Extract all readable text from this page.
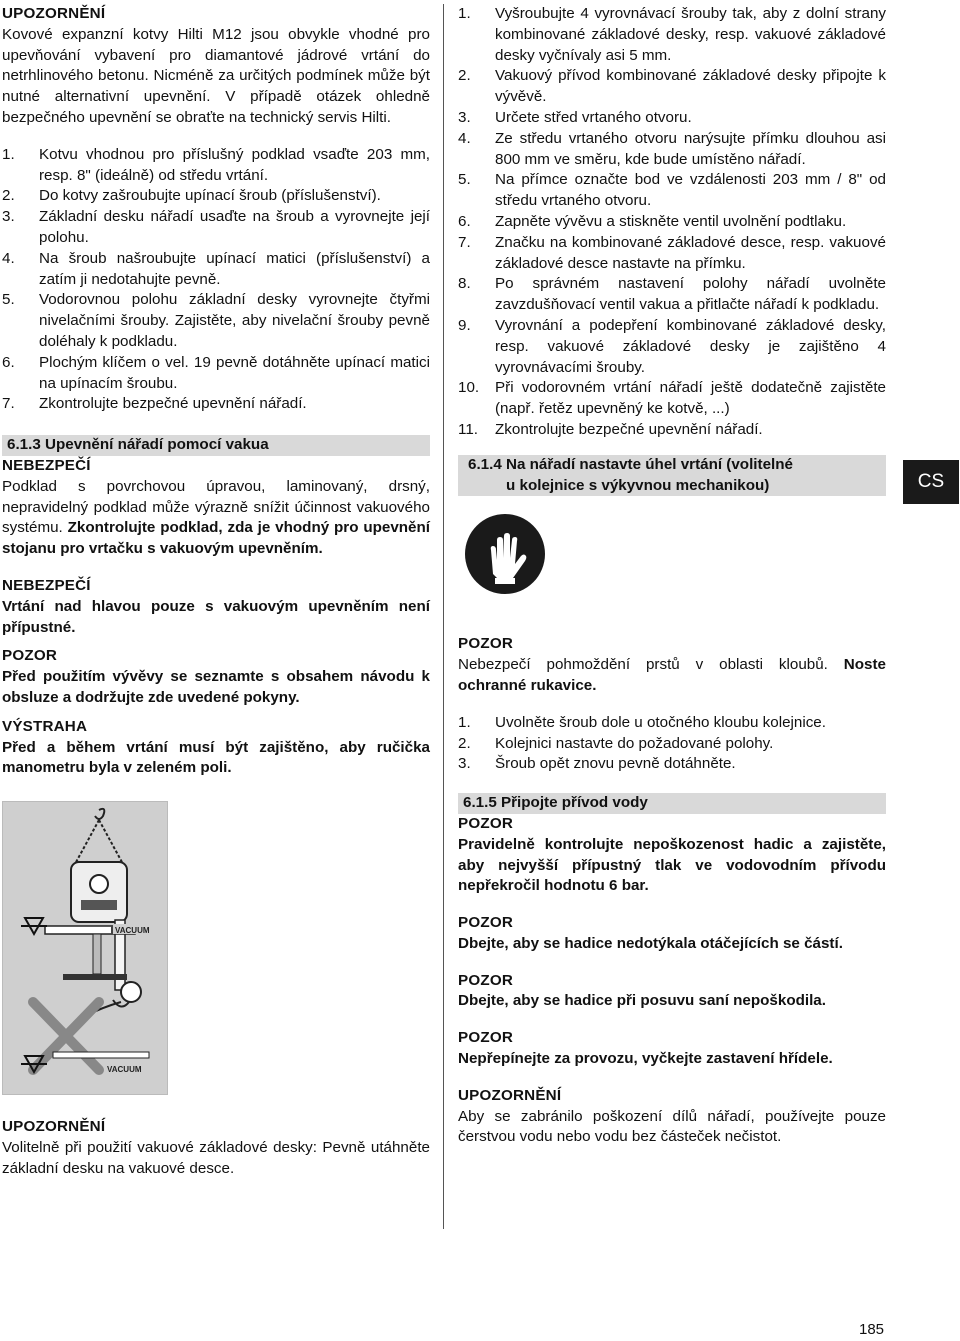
UPOZORNĚNÍ

Kovové expanzní kotvy Hilti M12 jsou obvykle vhodné pro upevňování vybavení pro diamantové jádrové vrtání do netrhlinového betonu. Nicméně za určitých podmínek může být nutné alternativní upevnění. V případě otázek ohledně bezpečného upevnění se obraťte na technický servis Hilti.

1. Kotvu vhodnou pro příslušný podklad vsaďte 203 mm, resp. 8" (ideálně) od středu vrtání.
2. Do kotvy zašroubujte upínací šroub (příslušenství).
3. Základní desku nářadí usaďte na šroub a vyrovnejte její polohu.
4. Na šroub našroubujte upínací matici (příslušenství) a zatím ji nedotahujte pevně.
5. Vodorovnou polohu základní desky vyrovnejte čtyřmi nivelačními šrouby. Zajistěte, aby nivelační šrouby pevně doléhaly k podkladu.
6. Plochým klíčem o vel. 19 pevně dotáhněte upínací matici na upínacím šroubu.
7. Zkontrolujte bezpečné upevnění nářadí.

6.1.3 Upevnění nářadí pomocí vakua

NEBEZPEČÍ

Podklad s povrchovou úpravou, laminovaný, drsný, nepravidelný podklad může výrazně snížit účinnost vakuového systému. Zkontrolujte podklad, zda je vhodný pro upevnění stojanu pro vrtačku s vakuovým upevněním.

NEBEZPEČÍ

Vrtání nad hlavou pouze s vakuovým upevněním není přípustné.

POZOR

Před použitím vývěvy se seznamte s obsahem návodu k obsluze a dodržujte zde uvedené pokyny.

VÝSTRAHA

Před a během vrtání musí být zajištěno, aby ručička manometru byla v zeleném poli.

VACUUM
VACUUM

UPOZORNĚNÍ

Volitelně při použití vakuové základové desky: Pevně utáhněte základní desku na vakuové desce.

1. Vyšroubujte 4 vyrovnávací šrouby tak, aby z dolní strany kombinované základové desky, resp. vakuové základové desky vyčnívaly asi 5 mm.
2. Vakuový přívod kombinované základové desky připojte k vývěvě.
3. Určete střed vrtaného otvoru.
4. Ze středu vrtaného otvoru narýsujte přímku dlouhou asi 800 mm ve směru, kde bude umístěno nářadí.
5. Na přímce označte bod ve vzdálenosti 203 mm / 8" od středu vrtaného otvoru.
6. Zapněte vývěvu a stiskněte ventil uvolnění podtlaku.
7. Značku na kombinované základové desce, resp. vakuové základové desce nastavte na přímku.
8. Po správném nastavení polohy nářadí uvolněte zavzdušňovací ventil vakua a přitlačte nářadí k podkladu.
9. Vyrovnání a podepření kombinované základové desky, resp. vakuové základové desky je zajištěno 4 vyrovnávacími šrouby.
10. Při vodorovném vrtání nářadí ještě dodatečně zajistěte (např. řetěz upevněný ke kotvě, ...)
11. Zkontrolujte bezpečné upevnění nářadí.

6.1.4 Na nářadí nastavte úhel vrtání (volitelné
u kolejnice s výkyvnou mechanikou)

POZOR

Nebezpečí pohmoždění prstů v oblasti kloubů. Noste ochranné rukavice.

1. Uvolněte šroub dole u otočného kloubu kolejnice.
2. Kolejnici nastavte do požadované polohy.
3. Šroub opět znovu pevně dotáhněte.

6.1.5 Připojte přívod vody

POZOR

Pravidelně kontrolujte nepoškozenost hadic a zajistěte, aby nejvyšší přípustný tlak ve vodovodním přívodu nepřekročil hodnotu 6 bar.

POZOR

Dbejte, aby se hadice nedotýkala otáčejících se částí.

POZOR

Dbejte, aby se hadice při posuvu saní nepoškodila.

POZOR

Nepřepínejte za provozu, vyčkejte zastavení hřídele.

UPOZORNĚNÍ

Aby se zabránilo poškození dílů nářadí, používejte pouze čerstvou vodu nebo vodu bez částeček nečistot.

CS
185
